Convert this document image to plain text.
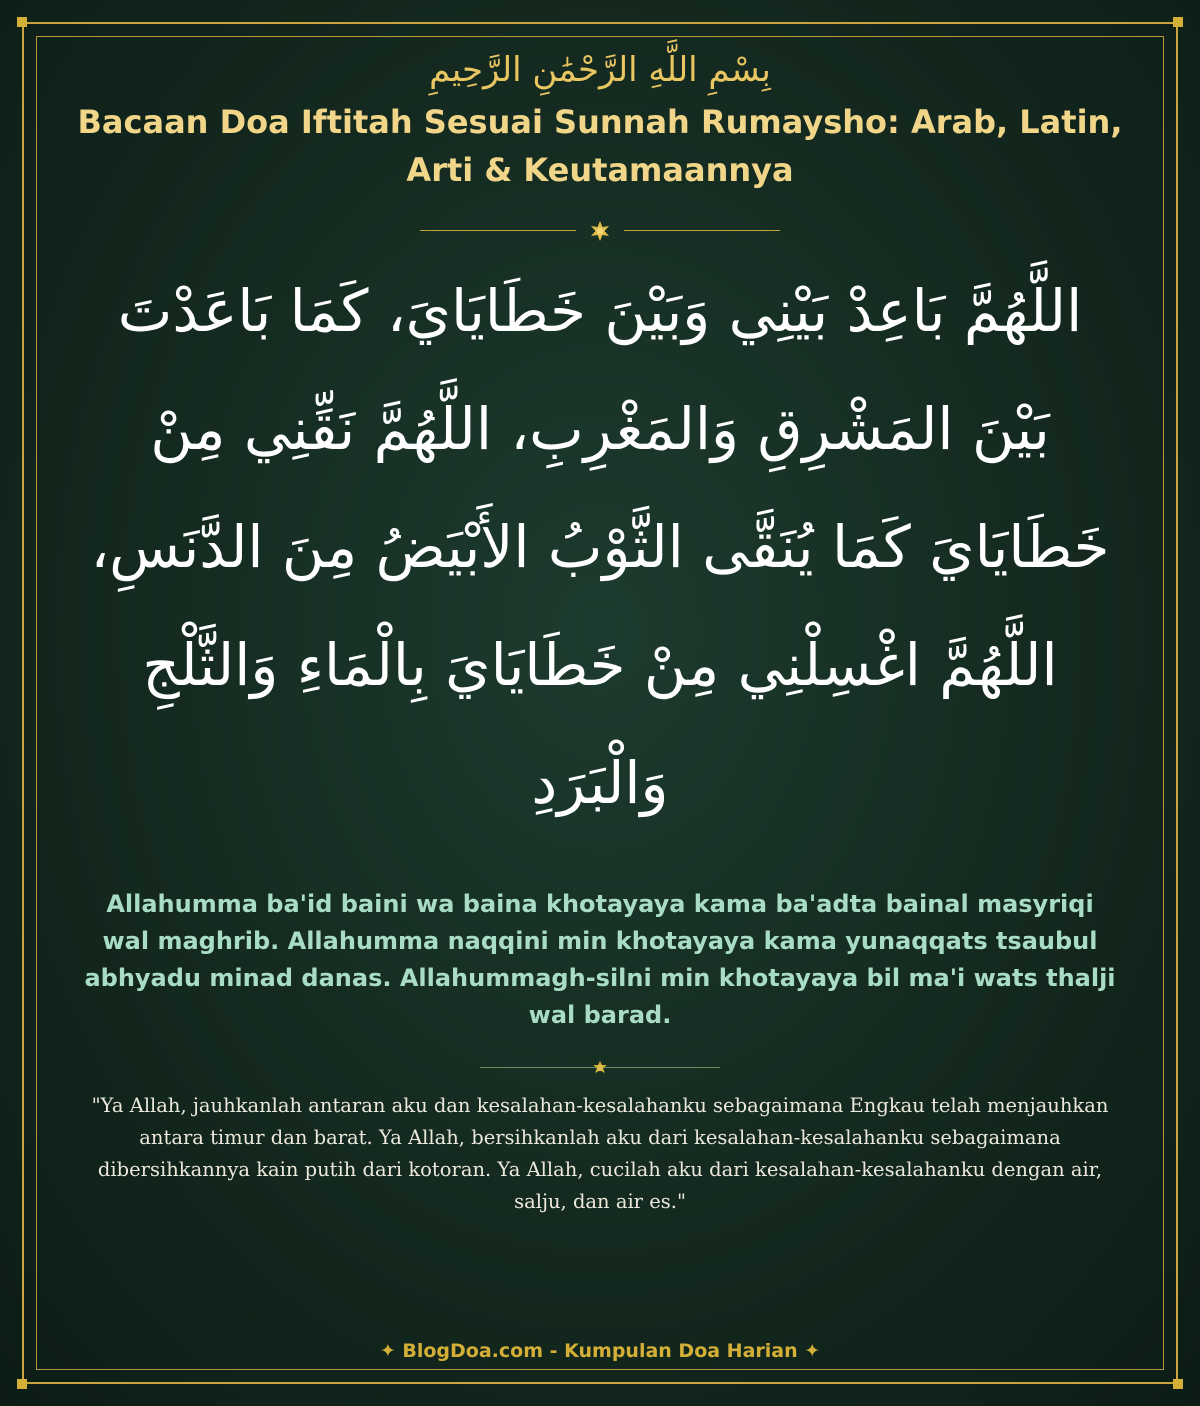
بِسْمِ اللَّهِ الرَّحْمَٰنِ الرَّحِيمِ

Bacaan Doa Iftitah Sesuai Sunnah Rumaysho: Arab, Latin, Arti & Keutamaannya

اللَّهُمَّ بَاعِدْ بَيْنِي وَبَيْنَ خَطَايَايَ، كَمَا بَاعَدْتَ بَيْنَ المَشْرِقِ وَالمَغْرِبِ، اللَّهُمَّ نَقِّنِي مِنْ خَطَايَايَ كَمَا يُنَقَّى الثَّوْبُ الأَبْيَضُ مِنَ الدَّنَسِ، اللَّهُمَّ اغْسِلْنِي مِنْ خَطَايَايَ بِالْمَاءِ وَالثَّلْجِ وَالْبَرَدِ

Allahumma ba'id baini wa baina khotayaya kama ba'adta bainal masyriqi wal maghrib. Allahumma naqqini min khotayaya kama yunaqqats tsaubul abhyadu minad danas. Allahummagh-silni min khotayaya bil ma'i wats thalji wal barad.

"Ya Allah, jauhkanlah antaran aku dan kesalahan-kesalahanku sebagaimana Engkau telah menjauhkan antara timur dan barat. Ya Allah, bersihkanlah aku dari kesalahan-kesalahanku sebagaimana dibersihkannya kain putih dari kotoran. Ya Allah, cucilah aku dari kesalahan-kesalahanku dengan air, salju, dan air es."

✦ BlogDoa.com - Kumpulan Doa Harian ✦
